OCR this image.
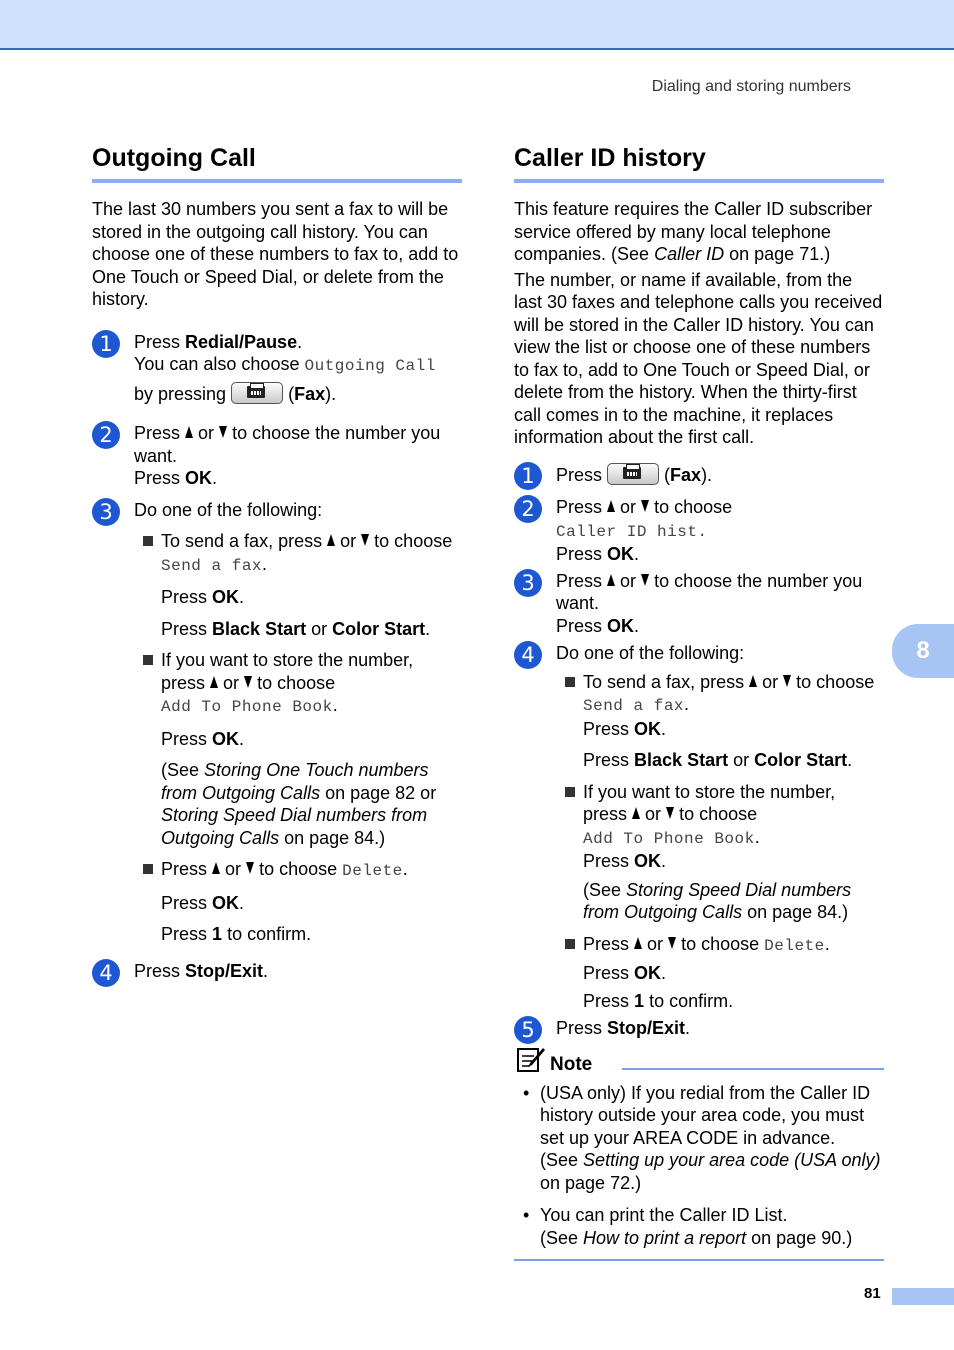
Dialing and storing numbers
Outgoing Call

The last 30 numbers you sent a fax to will be stored in the outgoing call history. You can choose one of these numbers to fax to, add to One Touch or Speed Dial, or delete from the history.

1	Press Redial/Pause.

You can also choose Outgoing Call

by pressing	(Fax).

2	Press or to choose the number you want.

Press OK.

3	Do one of the following:

To send a fax, press or to choose

Send a fax.

Press OK.

Press Black Start or Color Start.

If you want to store the number, press or to choose

Add To Phone Book.

Press OK.

(See Storing One Touch numbers from Outgoing Calls on page 82 or Storing Speed Dial numbers from Outgoing Calls on page 84.)

Press or to choose Delete.

Press OK.

Press 1 to confirm.

4	Press Stop/Exit.

Caller ID history

This feature requires the Caller ID subscriber service offered by many local telephone companies. (See Caller ID on page 71.)

The number, or name if available, from the last 30 faxes and telephone calls you received will be stored in the Caller ID history. You can view the list or choose one of these numbers to fax to, add to One Touch or Speed Dial, or delete from the history. When the thirty-first call comes in to the machine, it replaces information about the first call.

1	Press	(Fax).

2	Press or to choose

Caller ID hist.

Press OK.

3	Press or to choose the number you want.

Press OK.

4	Do one of the following:

To send a fax, press or to choose

Send a fax.

Press OK.

Press Black Start or Color Start.

If you want to store the number, press or to choose

Add To Phone Book.

Press OK.

(See Storing Speed Dial numbers from Outgoing Calls on page 84.)

Press or to choose Delete.

Press OK.

Press 1 to confirm.

5	Press Stop/Exit.

Note
• (USA only) If you redial from the Caller ID history outside your area code, you must set up your AREA CODE in advance.

(See Setting up your area code (USA only) on page 72.)

• You can print the Caller ID List.

(See How to print a report on page 90.)

8
81
